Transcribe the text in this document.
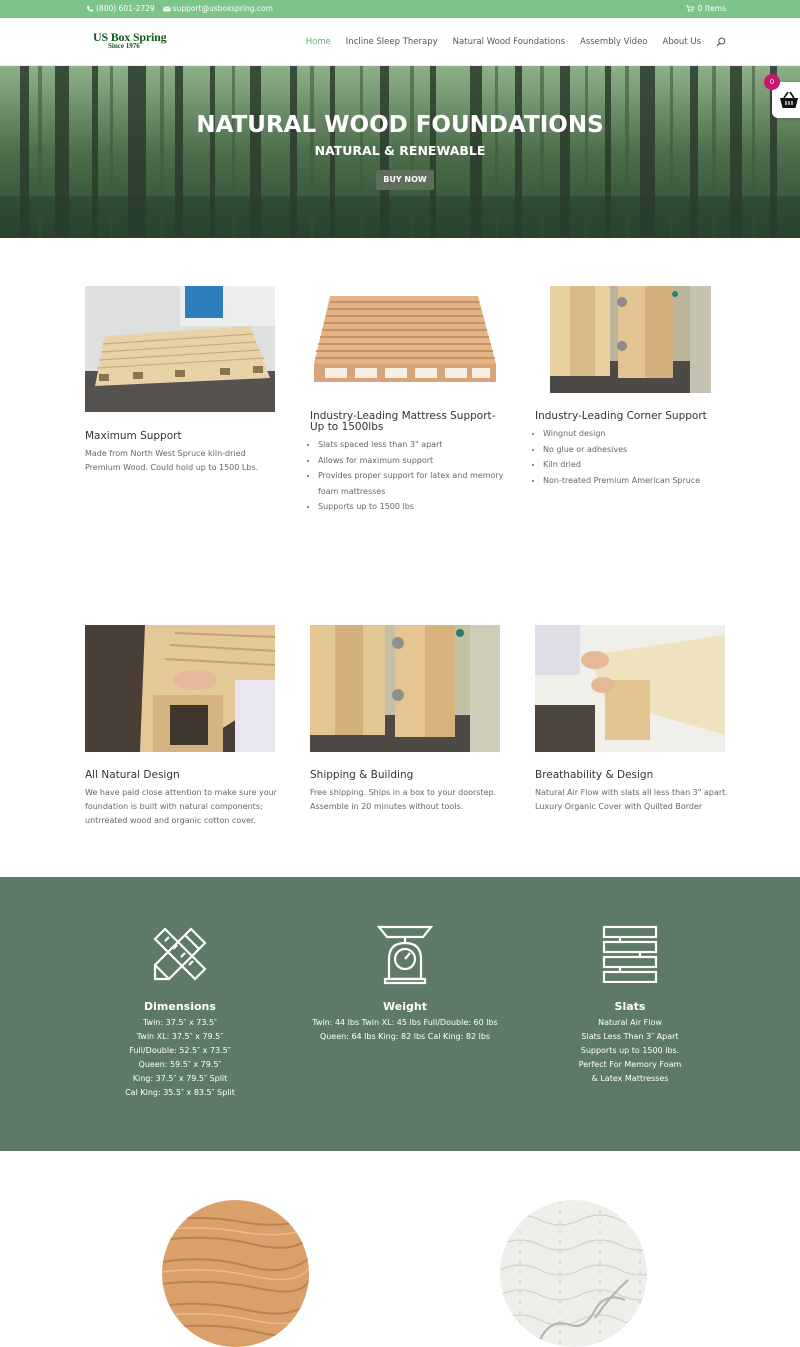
(800) 601-2729 support@usboxspring.com	0 Items
US Box Spring
Since 1976	Home Incline Sleep Therapy Natural Wood Foundations Assembly Video About Us
NATURAL WOOD FOUNDATIONS
NATURAL & RENEWABLE
BUY NOW
0
Maximum Support

Made from North West Spruce kiln-dried Premium Wood. Could hold up to 1500 Lbs.

Industry-Leading Mattress Support- Up to 1500lbs
• Slats spaced less than 3" apart
• Allows for maximum support
• Provides proper support for latex and memory foam mattresses
• Supports up to 1500 lbs
Industry-Leading Corner Support
• Wingnut design
• No glue or adhesives
• Kiln dried
• Non-treated Premium American Spruce
All Natural Design

We have paid close attention to make sure your foundation is built with natural components; untrreated wood and organic cotton cover.

Shipping & Building

Free shipping. Ships in a box to your doorstep. Assemble in 20 minutes without tools.

Breathability & Design

Natural Air Flow with slats all less than 3" apart. Luxury Organic Cover with Quilted Border

Dimensions
Twin: 37.5″ x 73.5″
Twin XL: 37.5″ x 79.5″
Full/Double: 52.5″ x 73.5″
Queen: 59.5″ x 79.5″
King: 37.5″ x 79.5″ Split
Cal King: 35.5″ x 83.5″ Split
Weight
Twin: 44 lbs Twin XL: 45 lbs Full/Double: 60 lbs
Queen: 64 lbs King: 82 lbs Cal King: 82 lbs
Slats
Natural Air Flow
Slats Less Than 3″ Apart
Supports up to 1500 lbs.
Perfect For Memory Foam
& Latex Mattresses
